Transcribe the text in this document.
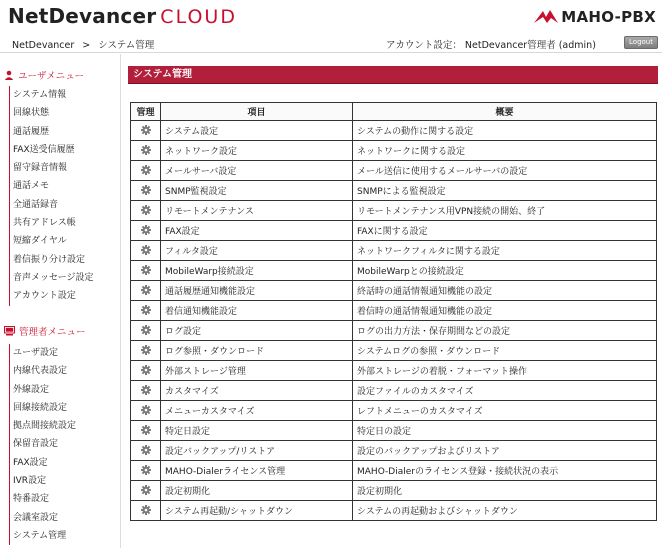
NetDevancer CLOUD	MAHO-PBX
NetDevancer > システム管理	アカウント設定： NetDevancer管理者 (admin)	Logout
ユーザメニュー
システム情報
回線状態
通話履歴
FAX送受信履歴
留守録音情報
通話メモ
全通話録音
共有アドレス帳
短縮ダイヤル
着信振り分け設定
音声メッセージ設定
アカウント設定
管理者メニュー
ユーザ設定
内線代表設定
外線設定
回線接続設定
拠点間接続設定
保留音設定
FAX設定
IVR設定
特番設定
会議室設定
システム管理
システム管理
管理	項目	概要
	システム設定	システムの動作に関する設定
	ネットワーク設定	ネットワークに関する設定
	メールサーバ設定	メール送信に使用するメールサーバの設定
	SNMP監視設定	SNMPによる監視設定
	リモートメンテナンス	リモートメンテナンス用VPN接続の開始、終了
	FAX設定	FAXに関する設定
	フィルタ設定	ネットワークフィルタに関する設定
	MobileWarp接続設定	MobileWarpとの接続設定
	通話履歴通知機能設定	終話時の通話情報通知機能の設定
	着信通知機能設定	着信時の通話情報通知機能の設定
	ログ設定	ログの出力方法・保存期間などの設定
	ログ参照・ダウンロード	システムログの参照・ダウンロード
	外部ストレージ管理	外部ストレージの着脱・フォーマット操作
	カスタマイズ	設定ファイルのカスタマイズ
	メニューカスタマイズ	レフトメニューのカスタマイズ
	特定日設定	特定日の設定
	設定バックアップ/リストア	設定のバックアップおよびリストア
	MAHO-Dialerライセンス管理	MAHO-Dialerのライセンス登録・接続状況の表示
	設定初期化	設定初期化
	システム再起動/シャットダウン	システムの再起動およびシャットダウン
